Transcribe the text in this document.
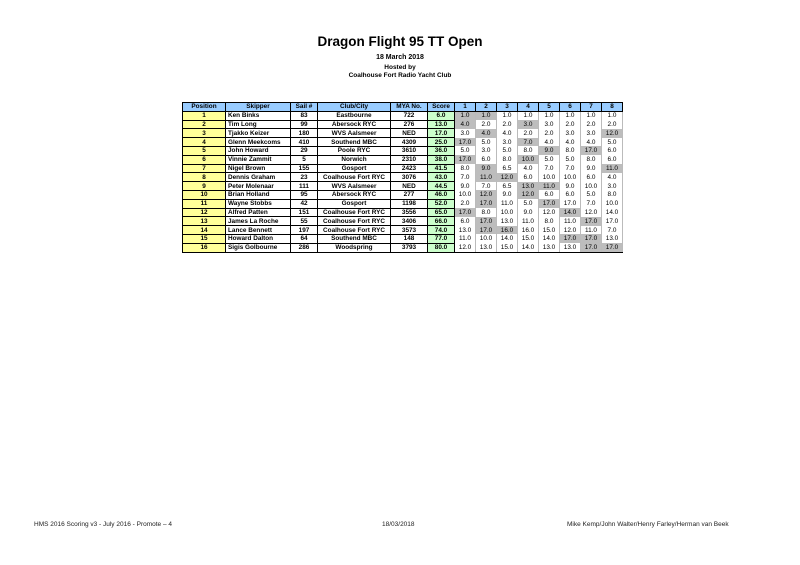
Dragon Flight 95 TT Open
18 March 2018
Hosted by
Coalhouse Fort Radio Yacht Club
Position	Skipper	Sail #	Club/City	MYA No.	Score	1	2	3	4	5	6	7	8
1	Ken Binks	83	Eastbourne	722	6.0	1.0	1.0	1.0	1.0	1.0	1.0	1.0	1.0
2	Tim Long	99	Abersock RYC	276	13.0	4.0	2.0	2.0	3.0	3.0	2.0	2.0	2.0
3	Tjakko Keizer	180	WVS Aalsmeer	NED	17.0	3.0	4.0	4.0	2.0	2.0	3.0	3.0	12.0
4	Glenn Meekcoms	410	Southend MBC	4309	25.0	17.0	5.0	3.0	7.0	4.0	4.0	4.0	5.0
5	John Howard	29	Poole RYC	3610	36.0	5.0	3.0	5.0	8.0	9.0	8.0	17.0	6.0
6	Vinnie Zammit	5	Norwich	2310	38.0	17.0	6.0	8.0	10.0	5.0	5.0	8.0	6.0
7	Nigel Brown	155	Gosport	2423	41.5	8.0	9.0	6.5	4.0	7.0	7.0	9.0	11.0
8	Dennis Graham	23	Coalhouse Fort RYC	3076	43.0	7.0	11.0	12.0	6.0	10.0	10.0	6.0	4.0
9	Peter Molenaar	111	WVS Aalsmeer	NED	44.5	9.0	7.0	6.5	13.0	11.0	9.0	10.0	3.0
10	Brian Holland	95	Abersock RYC	277	46.0	10.0	12.0	9.0	12.0	6.0	6.0	5.0	8.0
11	Wayne Stobbs	42	Gosport	1198	52.0	2.0	17.0	11.0	5.0	17.0	17.0	7.0	10.0
12	Alfred Patten	151	Coalhouse Fort RYC	3556	65.0	17.0	8.0	10.0	9.0	12.0	14.0	12.0	14.0
13	James La Roche	55	Coalhouse Fort RYC	3406	66.0	6.0	17.0	13.0	11.0	8.0	11.0	17.0	17.0
14	Lance Bennett	197	Coalhouse Fort RYC	3573	74.0	13.0	17.0	16.0	16.0	15.0	12.0	11.0	7.0
15	Howard Dalton	64	Southend MBC	148	77.0	11.0	10.0	14.0	15.0	14.0	17.0	17.0	13.0
16	Sigis Golbourne	286	Woodspring	3793	80.0	12.0	13.0	15.0	14.0	13.0	13.0	17.0	17.0
HMS 2016 Scoring v3 - July 2016 - Promote – 4	18/03/2018	Mike Kemp/John Walter/Henry Farley/Herman van Beek
